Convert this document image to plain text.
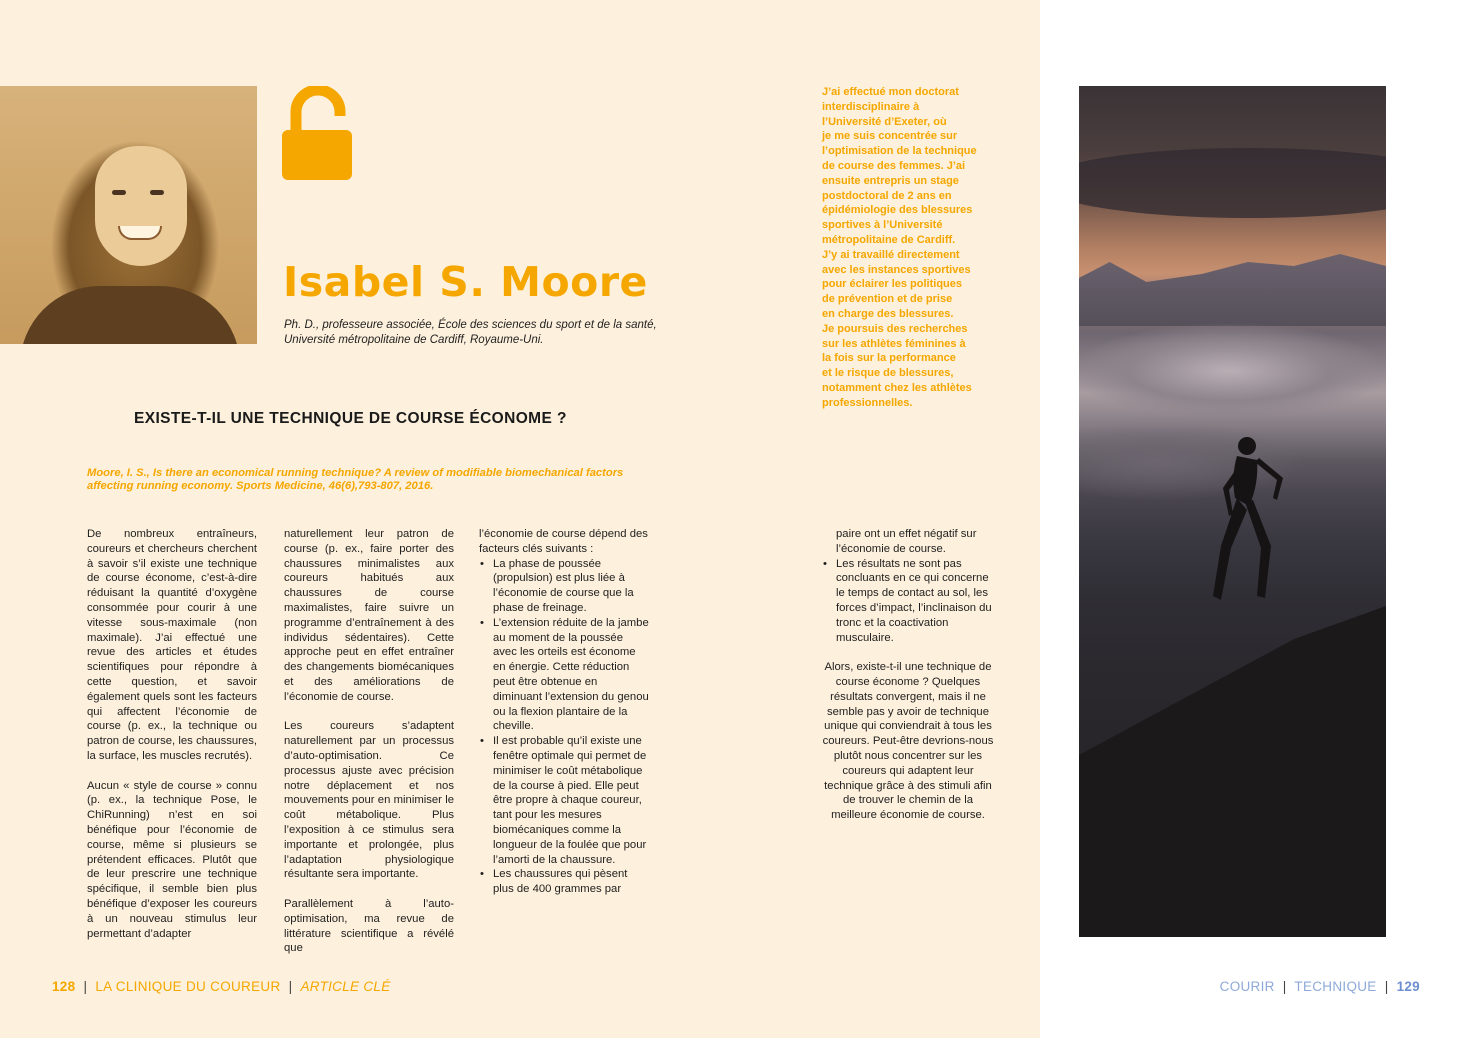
Isabel S. Moore
Ph. D., professeure associée, École des sciences du sport et de la santé, Université métropolitaine de Cardiff, Royaume-Uni.
J’ai effectué mon doctorat
interdisciplinaire à
l’Université d’Exeter, où
je me suis concentrée sur
l’optimisation de la technique
de course des femmes. J’ai
ensuite entrepris un stage
postdoctoral de 2 ans en
épidémiologie des blessures
sportives à l’Université
métropolitaine de Cardiff.
J’y ai travaillé directement
avec les instances sportives
pour éclairer les politiques
de prévention et de prise
en charge des blessures.
Je poursuis des recherches
sur les athlètes féminines à
la fois sur la performance
et le risque de blessures,
notamment chez les athlètes
professionnelles.
EXISTE-T-IL UNE TECHNIQUE DE COURSE ÉCONOME ?
Moore, I. S., Is there an economical running technique? A review of modifiable biomechanical factors affecting running economy. Sports Medicine, 46(6),793-807, 2016.

De nombreux entraîneurs, coureurs et chercheurs cherchent à savoir s’il existe une technique de course économe, c’est-à-dire réduisant la quantité d’oxygène consommée pour courir à une vitesse sous-maximale (non maximale). J’ai effectué une revue des articles et études scientifiques pour répondre à cette question, et savoir également quels sont les facteurs qui affectent l’économie de course (p. ex., la technique ou patron de course, les chaussures, la surface, les muscles recrutés).

Aucun « style de course » connu (p. ex., la technique Pose, le ChiRunning) n’est en soi bénéfique pour l’économie de course, même si plusieurs se prétendent efficaces. Plutôt que de leur prescrire une technique spécifique, il semble bien plus bénéfique d’exposer les coureurs à un nouveau stimulus leur permettant d’adapter

naturellement leur patron de course (p. ex., faire porter des chaussures minimalistes aux coureurs habitués aux chaussures de course maximalistes, faire suivre un programme d’entraînement à des individus sédentaires). Cette approche peut en effet entraîner des changements biomécaniques et des améliorations de l’économie de course.

Les coureurs s’adaptent naturellement par un processus d’auto-optimisation. Ce processus ajuste avec précision notre déplacement et nos mouvements pour en minimiser le coût métabolique. Plus l’exposition à ce stimulus sera importante et prolongée, plus l’adaptation physiologique résultante sera importante.

Parallèlement à l’auto-optimisation, ma revue de littérature scientifique a révélé que

l’économie de course dépend des facteurs clés suivants :
• La phase de poussée (propulsion) est plus liée à l’économie de course que la phase de freinage.
• L’extension réduite de la jambe au moment de la poussée avec les orteils est économe en énergie. Cette réduction peut être obtenue en diminuant l’extension du genou ou la flexion plantaire de la cheville.
• Il est probable qu’il existe une fenêtre optimale qui permet de minimiser le coût métabolique de la course à pied. Elle peut être propre à chaque coureur, tant pour les mesures biomécaniques comme la longueur de la foulée que pour l’amorti de la chaussure.
• Les chaussures qui pèsent plus de 400 grammes par
paire ont un effet négatif sur l’économie de course.
• Les résultats ne sont pas concluants en ce qui concerne le temps de contact au sol, les forces d’impact, l’inclinaison du tronc et la coactivation musculaire.
Alors, existe-t-il une technique de course économe ? Quelques résultats convergent, mais il ne semble pas y avoir de technique unique qui conviendrait à tous les coureurs. Peut-être devrions-nous plutôt nous concentrer sur les coureurs qui adaptent leur technique grâce à des stimuli afin de trouver le chemin de la meilleure économie de course.
128 | LA CLINIQUE DU COUREUR | ARTICLE CLÉ	COURIR | TECHNIQUE | 129
